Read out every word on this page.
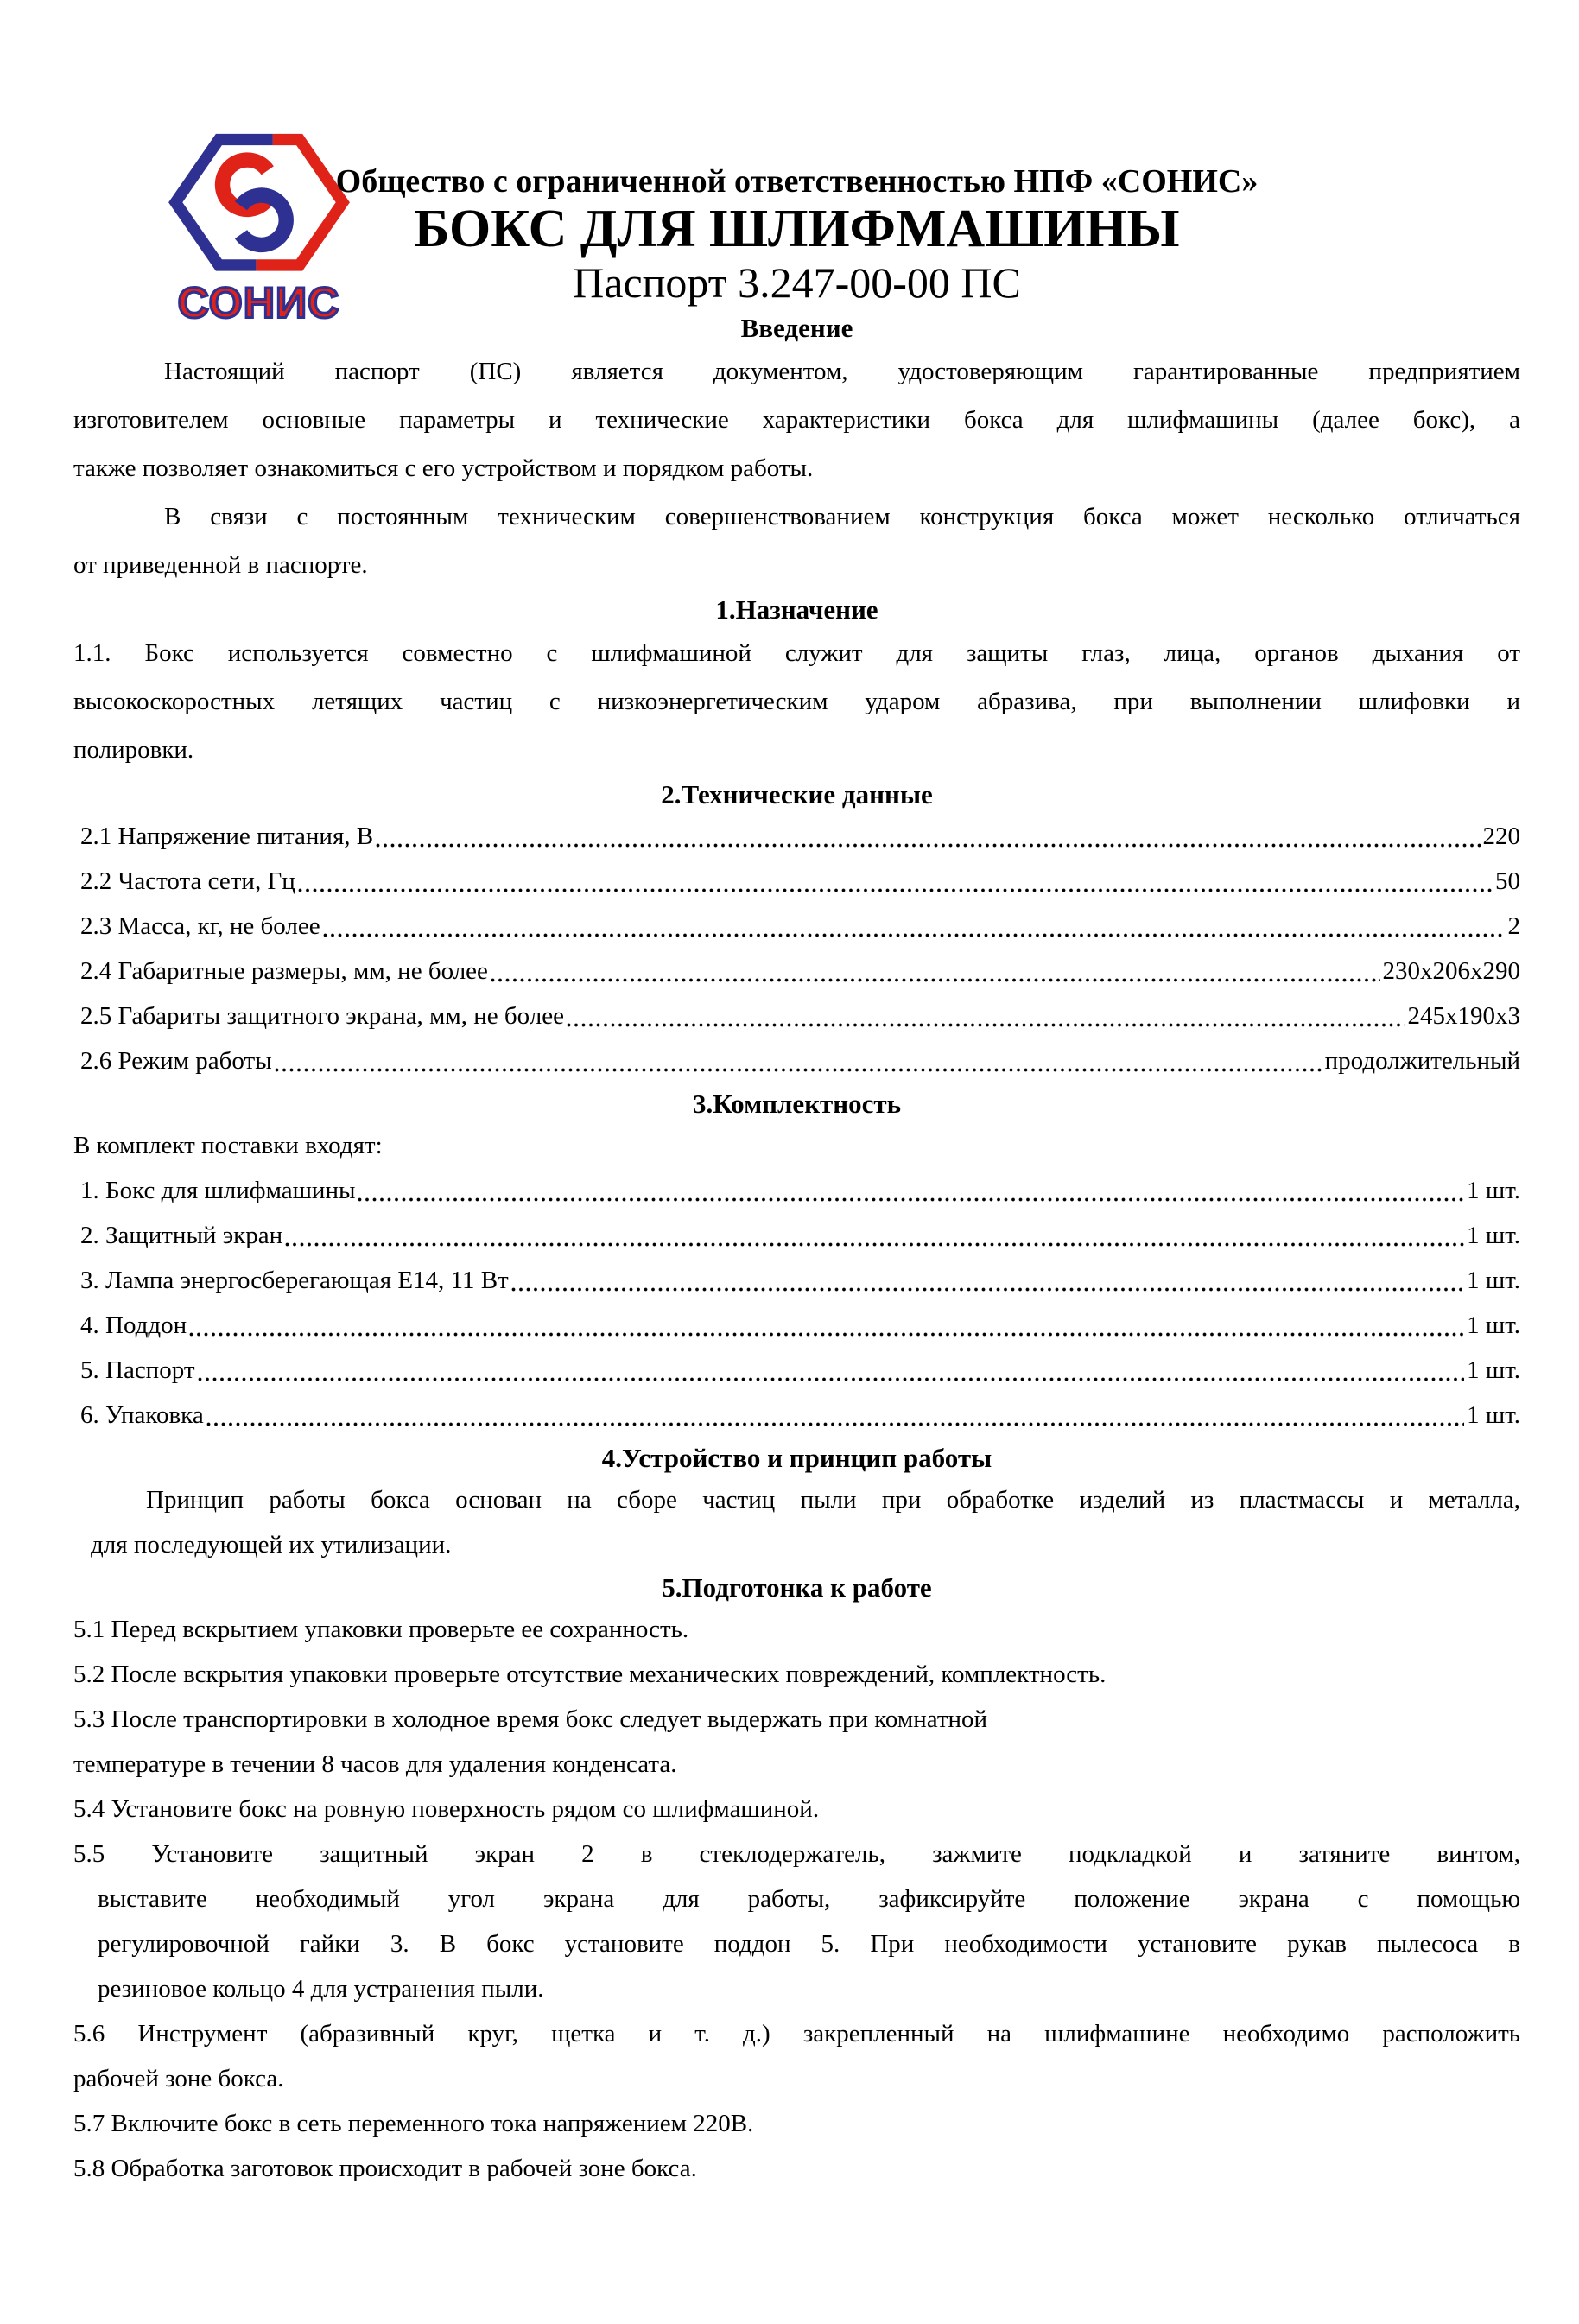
СОНИС
Общество с ограниченной ответственностью НПФ «СОНИС»
БОКС ДЛЯ ШЛИФМАШИНЫ
Паспорт 3.247-00-00 ПС
Введение
Настоящий паспорт (ПС) является документом, удостоверяющим гарантированные предприятием
изготовителем основные параметры и технические характеристики бокса для шлифмашины (далее бокс), а
также позволяет ознакомиться с его устройством и порядком работы.
В связи с постоянным техническим совершенствованием конструкция бокса может несколько отличаться
от приведенной в паспорте.
1.Назначение
1.1. Бокс используется совместно с шлифмашиной служит для защиты глаз, лица, органов дыхания от
высокоскоростных летящих частиц с низкоэнергетическим ударом абразива, при выполнении шлифовки и
полировки.
2.Технические данные
2.1 Напряжение питания, В	220
2.2 Частота сети, Гц	50
2.3 Масса, кг, не более	2
2.4 Габаритные размеры, мм, не более	230х206х290
2.5 Габариты защитного экрана, мм, не более	245х190х3
2.6 Режим работы	продолжительный
3.Комплектность
В комплект поставки входят:
1. Бокс для шлифмашины	1 шт.
2. Защитный экран	1 шт.
3. Лампа энергосберегающая Е14, 11 Вт	1 шт.
4. Поддон	1 шт.
5. Паспорт	1 шт.
6. Упаковка	1 шт.
4.Устройство и принцип работы
Принцип работы бокса основан на сборе частиц пыли при обработке изделий из пластмассы и металла,
для последующей их утилизации.
5.Подготонка к работе
5.1 Перед вскрытием упаковки проверьте ее сохранность.
5.2 После вскрытия упаковки проверьте отсутствие механических повреждений, комплектность.
5.3 После транспортировки в холодное время бокс следует выдержать при комнатной
температуре в течении 8 часов для удаления конденсата.
5.4 Установите бокс на ровную поверхность рядом со шлифмашиной.
5.5 Установите защитный экран 2 в стеклодержатель, зажмите подкладкой и затяните винтом,
выставите необходимый угол экрана для работы, зафиксируйте положение экрана с помощью
регулировочной гайки 3. В бокс установите поддон 5. При необходимости установите рукав пылесоса в
резиновое кольцо 4 для устранения пыли.
5.6 Инструмент (абразивный круг, щетка и т. д.) закрепленный на шлифмашине необходимо расположить
рабочей зоне бокса.
5.7 Включите бокс в сеть переменного тока напряжением 220В.
5.8 Обработка заготовок происходит в рабочей зоне бокса.
